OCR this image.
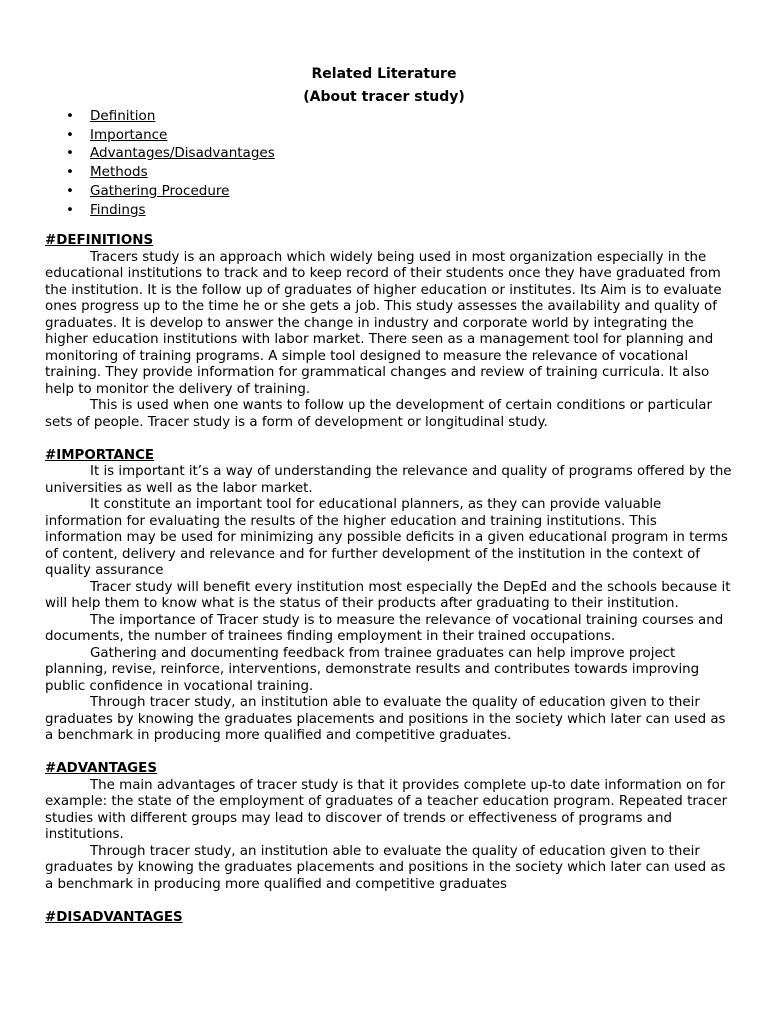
Related Literature
(About tracer study)
• Definition
• Importance
• Advantages/Disadvantages
• Methods
• Gathering Procedure
• Findings
#DEFINITIONS

Tracers study is an approach which widely being used in most organization especially in the educational institutions to track and to keep record of their students once they have graduated from the institution. It is the follow up of graduates of higher education or institutes. Its Aim is to evaluate ones progress up to the time he or she gets a job. This study assesses the availability and quality of graduates. It is develop to answer the change in industry and corporate world by integrating the higher education institutions with labor market. There seen as a management tool for planning and monitoring of training programs. A simple tool designed to measure the relevance of vocational training. They provide information for grammatical changes and review of training curricula. It also help to monitor the delivery of training.

This is used when one wants to follow up the development of certain conditions or particular sets of people. Tracer study is a form of development or longitudinal study.

#IMPORTANCE

It is important it’s a way of understanding the relevance and quality of programs offered by the universities as well as the labor market.

It constitute an important tool for educational planners, as they can provide valuable information for evaluating the results of the higher education and training institutions. This information may be used for minimizing any possible deficits in a given educational program in terms of content, delivery and relevance and for further development of the institution in the context of quality assurance

Tracer study will benefit every institution most especially the DepEd and the schools because it will help them to know what is the status of their products after graduating to their institution.

The importance of Tracer study is to measure the relevance of vocational training courses and documents, the number of trainees finding employment in their trained occupations.

Gathering and documenting feedback from trainee graduates can help improve project planning, revise, reinforce, interventions, demonstrate results and contributes towards improving public confidence in vocational training.

Through tracer study, an institution able to evaluate the quality of education given to their graduates by knowing the graduates placements and positions in the society which later can used as a benchmark in producing more qualified and competitive graduates.

#ADVANTAGES

The main advantages of tracer study is that it provides complete up-to date information on for example: the state of the employment of graduates of a teacher education program. Repeated tracer studies with different groups may lead to discover of trends or effectiveness of programs and institutions.

Through tracer study, an institution able to evaluate the quality of education given to their graduates by knowing the graduates placements and positions in the society which later can used as a benchmark in producing more qualified and competitive graduates

#DISADVANTAGES
